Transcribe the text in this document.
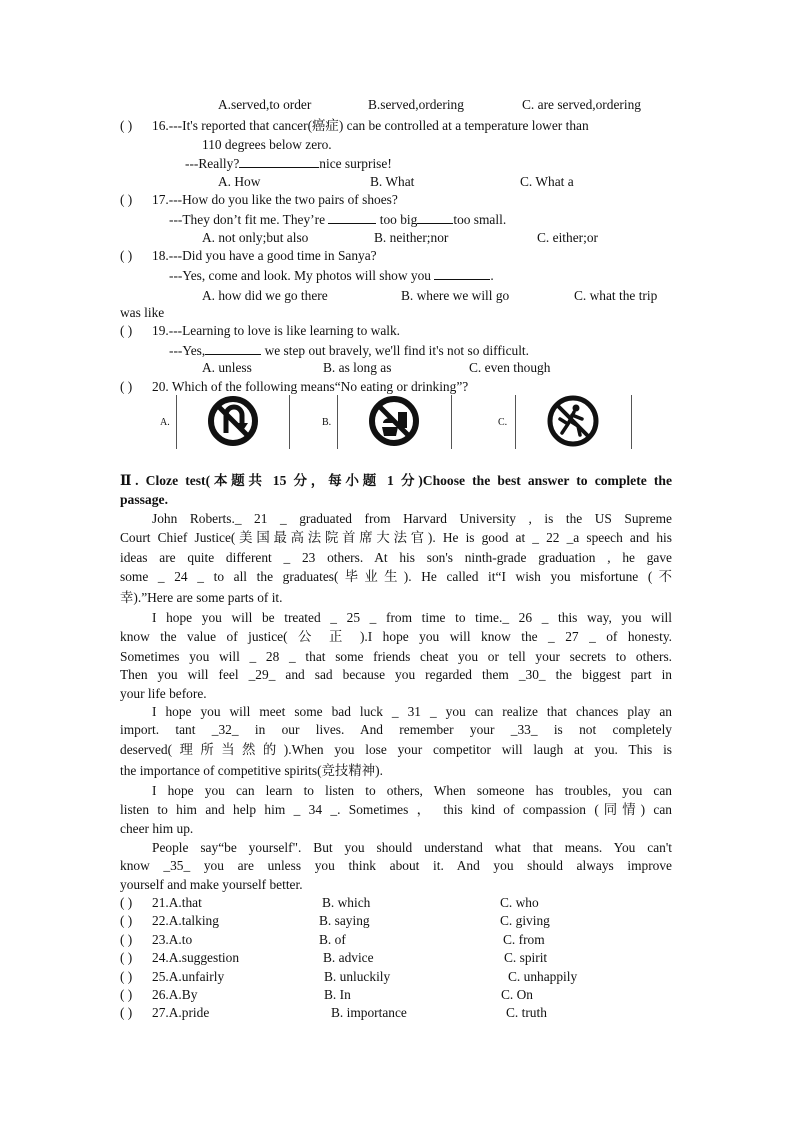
A.served,to order	B.served,ordering	C. are served,ordering
( ) 16.---It's reported that cancer(癌症) can be controlled at a temperature lower than
110 degrees below zero.
---Really?	nice surprise!
A. How	B. What	C. What a
( ) 17.---How do you like the two pairs of shoes?
---They don’t fit me. They’re	too big	too small.
A. not only;but also	B. neither;nor	C. either;or
( ) 18.---Did you have a good time in Sanya?
---Yes, come and look. My photos will show you	.
A. how did we go there	B. where we will go	C. what the trip
was like
( ) 19.---Learning to love is like learning to walk.
---Yes,	we step out bravely, we'll find it's not so difficult.
A. unless	B. as long as	C. even though
( ) 20. Which of the following means“No eating or drinking”?
A.	B.	C.
Ⅱ. Cloze test(本题共 15 分，每小题 1 分)Choose the best answer to complete the
passage.
John Roberts._ 21 _ graduated from Harvard University , is the US Supreme
Court Chief Justice(美国最高法院首席大法官). He is good at _ 22 _a speech and his
ideas are quite different _ 23 others. At his son's ninth-grade graduation , he gave
some _ 24 _ to all the graduates(毕业生). He called it“I wish you misfortune (不
幸).”Here are some parts of it.
I hope you will be treated _ 25 _ from time to time._ 26 _ this way, you will
know the value of justice( 公 正 ).I hope you will know the _ 27 _ of honesty.
Sometimes you will _ 28 _ that some friends cheat you or tell your secrets to others.
Then you will feel _29_ and sad because you regarded them _30_ the biggest part in
your life before.
I hope you will meet some bad luck _ 31 _ you can realize that chances play an
import. tant _32_ in our lives. And remember your _33_ is not completely
deserved(理所当然的).When you lose your competitor will laugh at you. This is
the importance of competitive spirits(竞技精神).
I hope you can learn to listen to others, When someone has troubles, you can
listen to him and help him _ 34 _. Sometimes ， this kind of compassion (同情) can
cheer him up.
People say“be yourself". But you should understand what that means. You can't
know _35_ you are unless you think about it. And you should always improve
yourself and make yourself better.
( ) 21.A.that	B. which	C. who
( ) 22.A.talking	B. saying	C. giving
( ) 23.A.to	B. of	C. from
( ) 24.A.suggestion	B. advice	C. spirit
( ) 25.A.unfairly	B. unluckily	C. unhappily
( ) 26.A.By	B. In	C. On
( ) 27.A.pride	B. importance	C. truth
